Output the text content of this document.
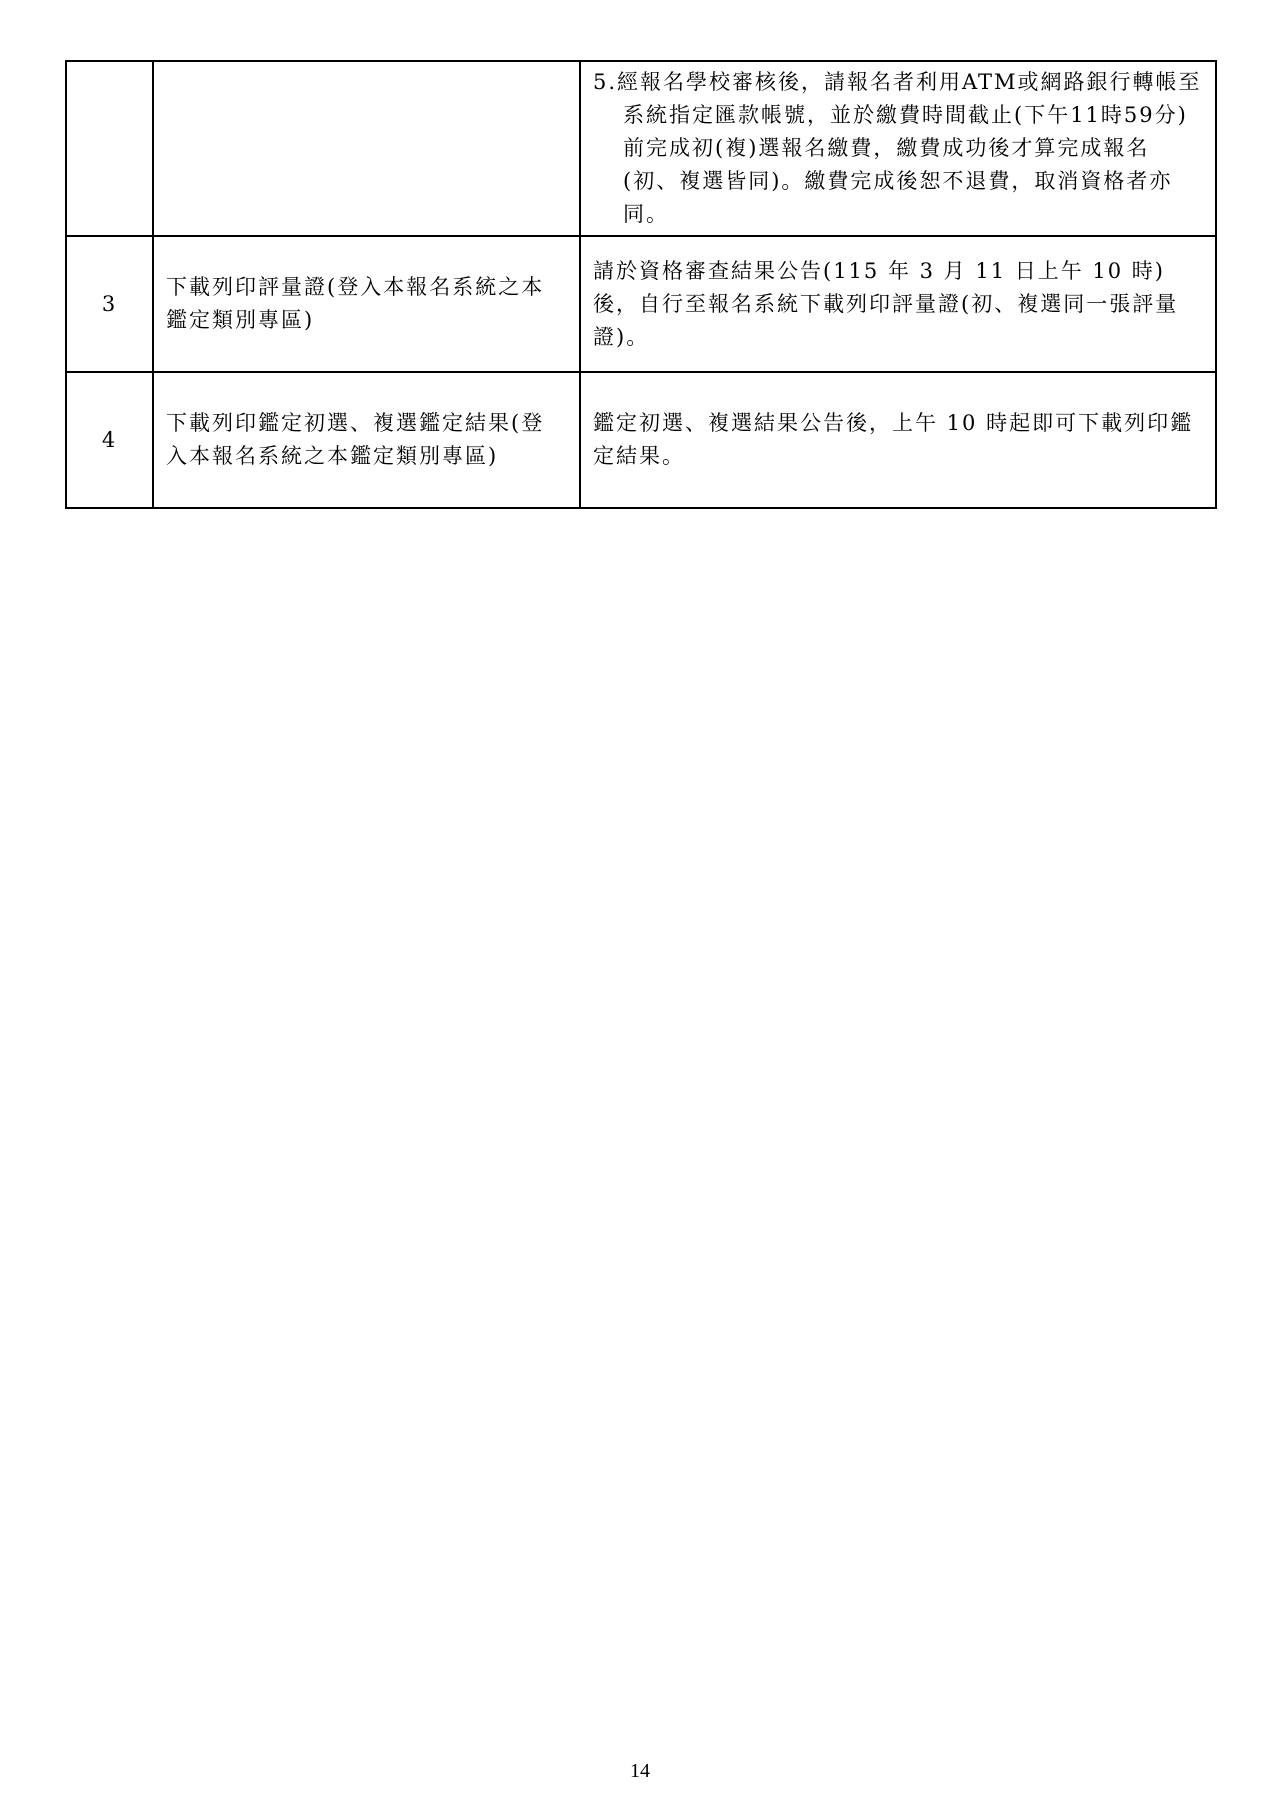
		5.經報名學校審核後，請報名者利用ATM或網路銀行轉帳至系統指定匯款帳號，並於繳費時間截止(下午11時59分)前完成初(複)選報名繳費，繳費成功後才算完成報名(初、複選皆同)。繳費完成後恕不退費，取消資格者亦同。

3	下載列印評量證(登入本報名系統之本鑑定類別專區)	請於資格審查結果公告(115 年 3 月 11 日上午 10 時)後，自行至報名系統下載列印評量證(初、複選同一張評量證)。
4	下載列印鑑定初選、複選鑑定結果(登入本報名系統之本鑑定類別專區)	鑑定初選、複選結果公告後，上午 10 時起即可下載列印鑑定結果。
14
